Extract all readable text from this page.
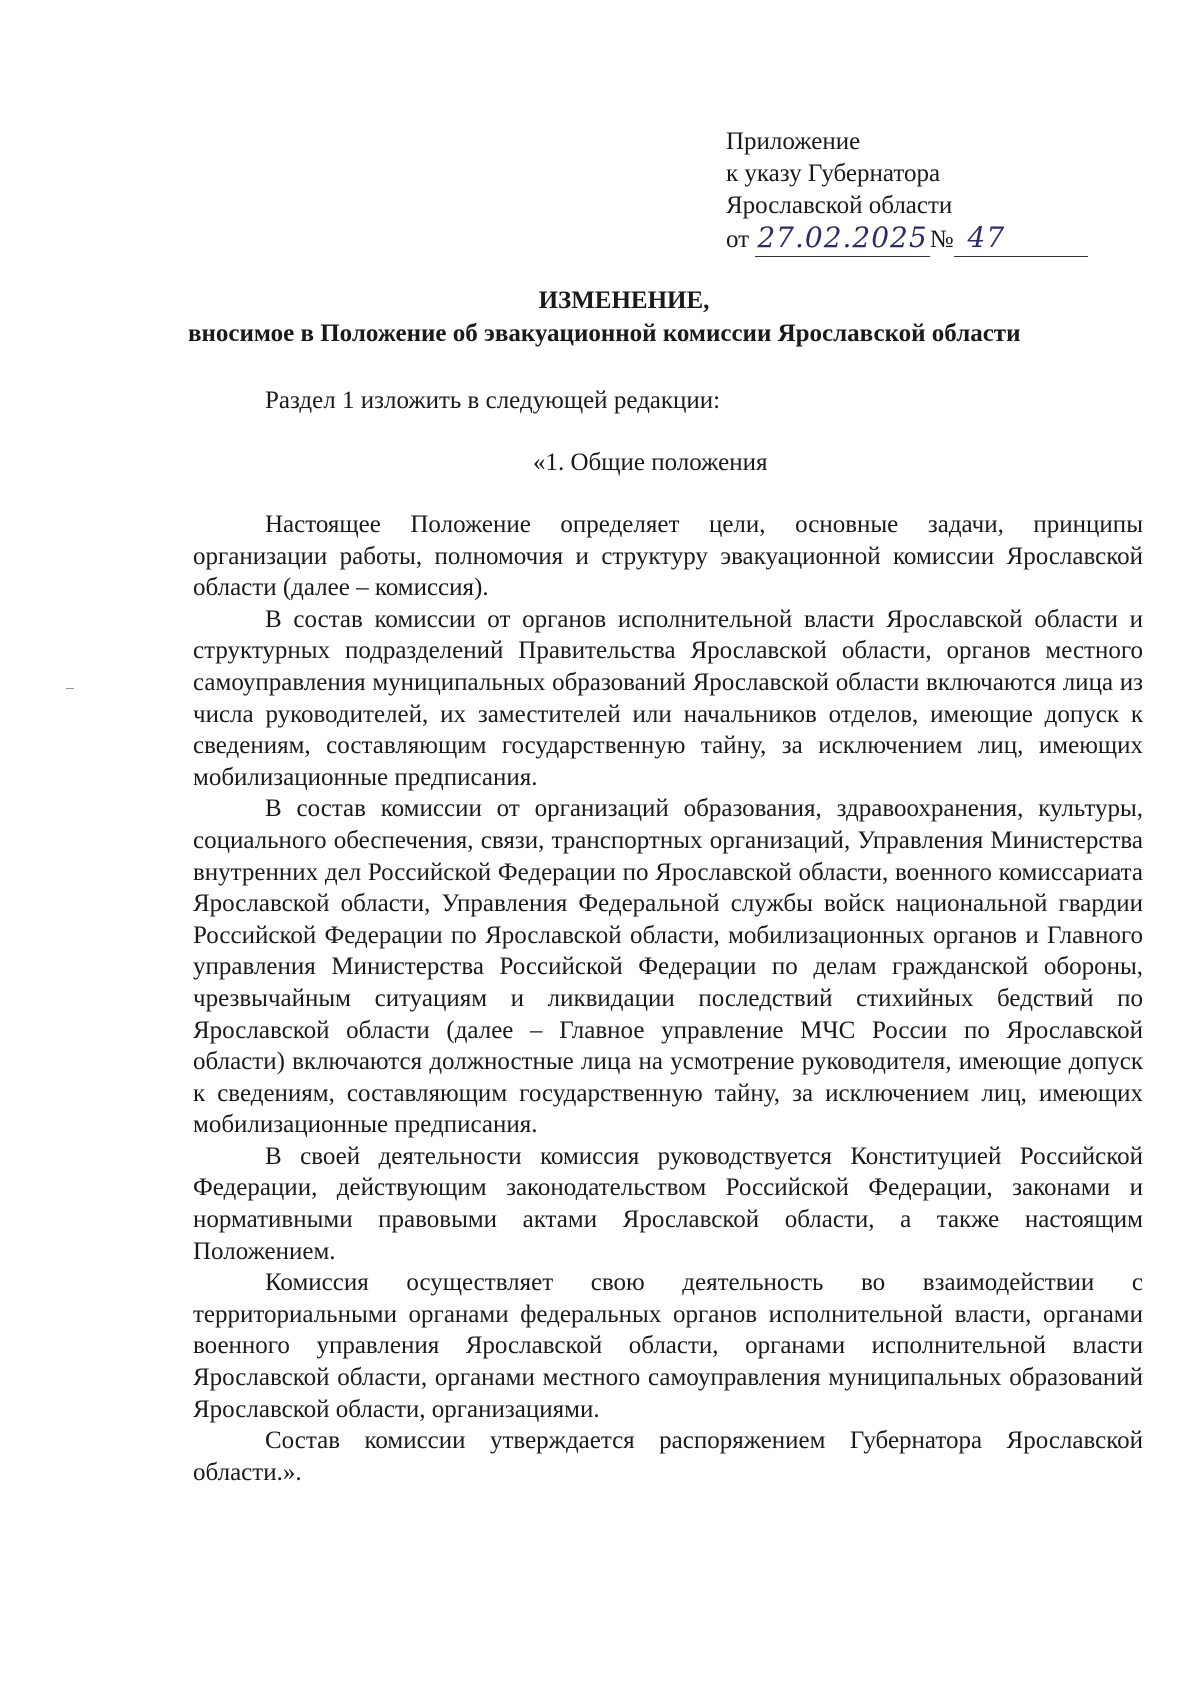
Приложение
к указу Губернатора
Ярославской области
от 27.02.2025№ 47
ИЗМЕНЕНИЕ,
вносимое в Положение об эвакуационной комиссии Ярославской области
Раздел 1 изложить в следующей редакции:
«1. Общие положения

Настоящее Положение определяет цели, основные задачи, принципы организации работы, полномочия и структуру эвакуационной комиссии Ярославской области (далее – комиссия).

В состав комиссии от органов исполнительной власти Ярославской области и структурных подразделений Правительства Ярославской области, органов местного самоуправления муниципальных образований Ярославской области включаются лица из числа руководителей, их заместителей или начальников отделов, имеющие допуск к сведениям, составляющим государственную тайну, за исключением лиц, имеющих мобилизационные предписания.

В состав комиссии от организаций образования, здравоохранения, культуры, социального обеспечения, связи, транспортных организаций, Управления Министерства внутренних дел Российской Федерации по Ярославской области, военного комиссариата Ярославской области, Управления Федеральной службы войск национальной гвардии Российской Федерации по Ярославской области, мобилизационных органов и Главного управления Министерства Российской Федерации по делам гражданской обороны, чрезвычайным ситуациям и ликвидации последствий стихийных бедствий по Ярославской области (далее – Главное управление МЧС России по Ярославской области) включаются должностные лица на усмотрение руководителя, имеющие допуск к сведениям, составляющим государственную тайну, за исключением лиц, имеющих мобилизационные предписания.

В своей деятельности комиссия руководствуется Конституцией Российской Федерации, действующим законодательством Российской Федерации, законами и нормативными правовыми актами Ярославской области, а также настоящим Положением.

Комиссия осуществляет свою деятельность во взаимодействии с территориальными органами федеральных органов исполнительной власти, органами военного управления Ярославской области, органами исполнительной власти Ярославской области, органами местного самоуправления муниципальных образований Ярославской области, организациями.

Состав комиссии утверждается распоряжением Губернатора Ярославской области.».
